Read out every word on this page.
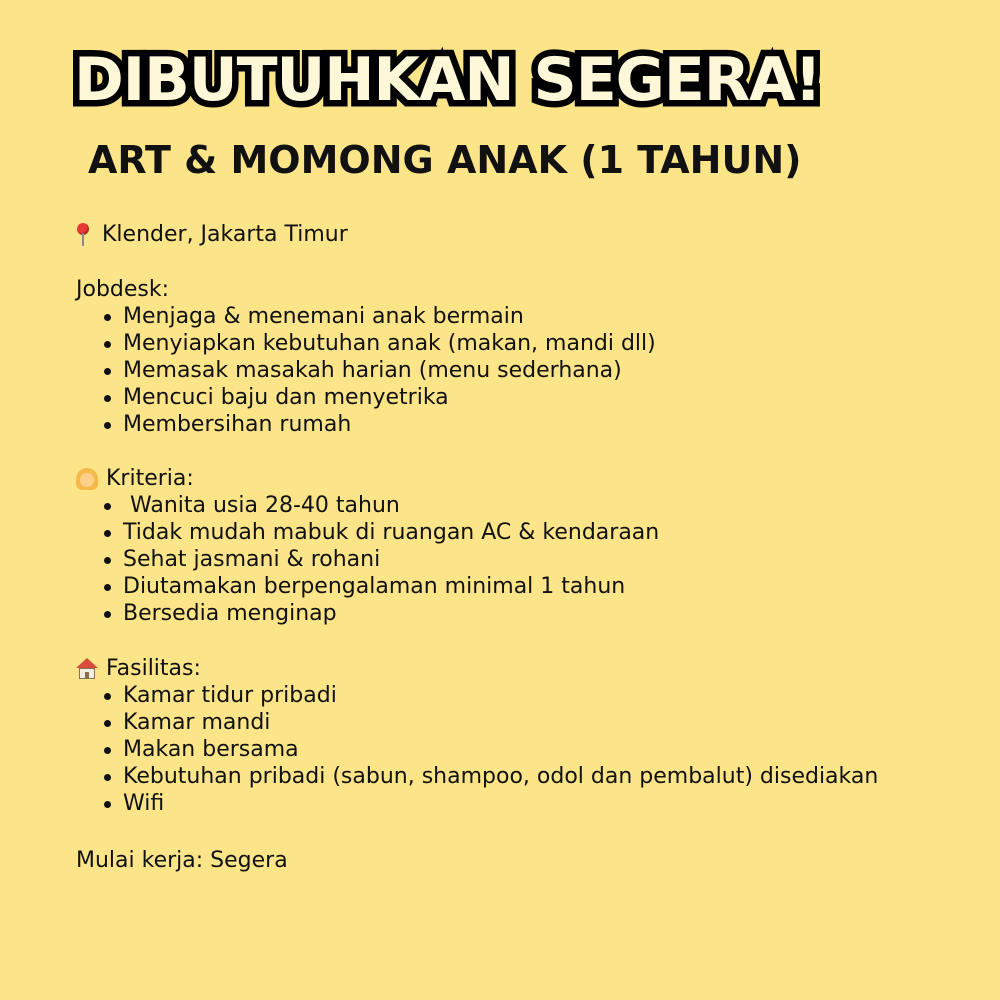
DIBUTUHKAN SEGERA!
ART & MOMONG ANAK (1 TAHUN)
Klender, Jakarta Timur
Jobdesk:
Menjaga & menemani anak bermain
Menyiapkan kebutuhan anak (makan, mandi dll)
Memasak masakah harian (menu sederhana)
Mencuci baju dan menyetrika
Membersihan rumah
Kriteria:
Wanita usia 28-40 tahun
Tidak mudah mabuk di ruangan AC & kendaraan
Sehat jasmani & rohani
Diutamakan berpengalaman minimal 1 tahun
Bersedia menginap
Fasilitas:
Kamar tidur pribadi
Kamar mandi
Makan bersama
Kebutuhan pribadi (sabun, shampoo, odol dan pembalut) disediakan
Wifi
Mulai kerja: Segera
